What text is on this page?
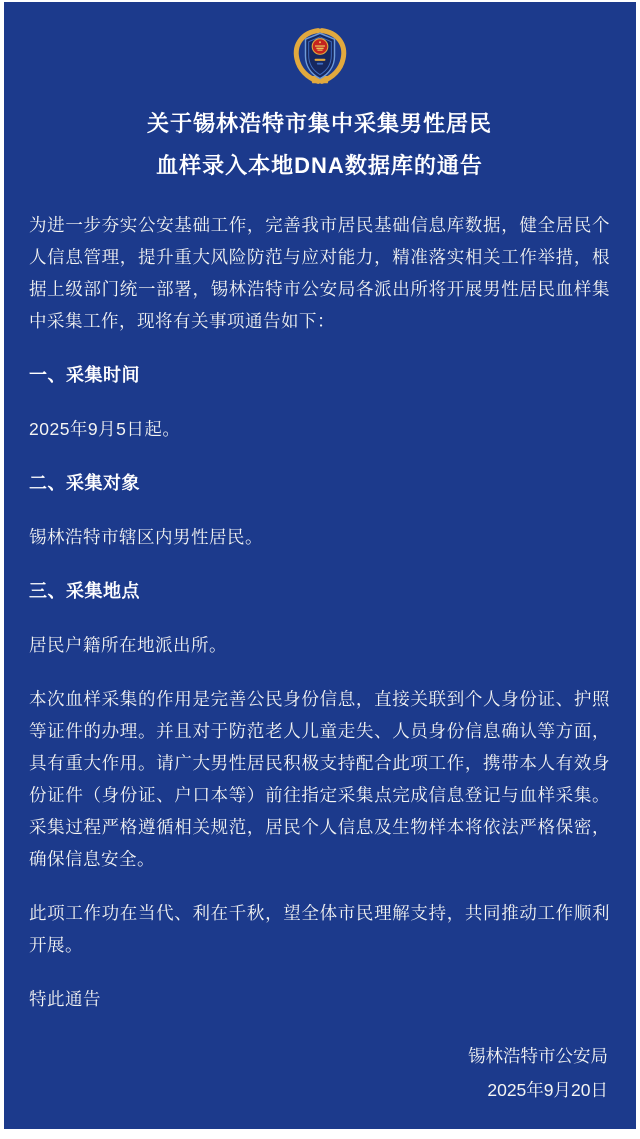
关于锡林浩特市集中采集男性居民
血样录入本地DNA数据库的通告

为进一步夯实公安基础工作，完善我市居民基础信息库数据，健全居民个人信息管理，提升重大风险防范与应对能力，精准落实相关工作举措，根据上级部门统一部署，锡林浩特市公安局各派出所将开展男性居民血样集中采集工作，现将有关事项通告如下：

一、采集时间

2025年9月5日起。

二、采集对象

锡林浩特市辖区内男性居民。

三、采集地点

居民户籍所在地派出所。

本次血样采集的作用是完善公民身份信息，直接关联到个人身份证、护照等证件的办理。并且对于防范老人儿童走失、人员身份信息确认等方面，具有重大作用。请广大男性居民积极支持配合此项工作，携带本人有效身份证件（身份证、户口本等）前往指定采集点完成信息登记与血样采集。采集过程严格遵循相关规范，居民个人信息及生物样本将依法严格保密，确保信息安全。

此项工作功在当代、利在千秋，望全体市民理解支持，共同推动工作顺利开展。

特此通告

锡林浩特市公安局
2025年9月20日
